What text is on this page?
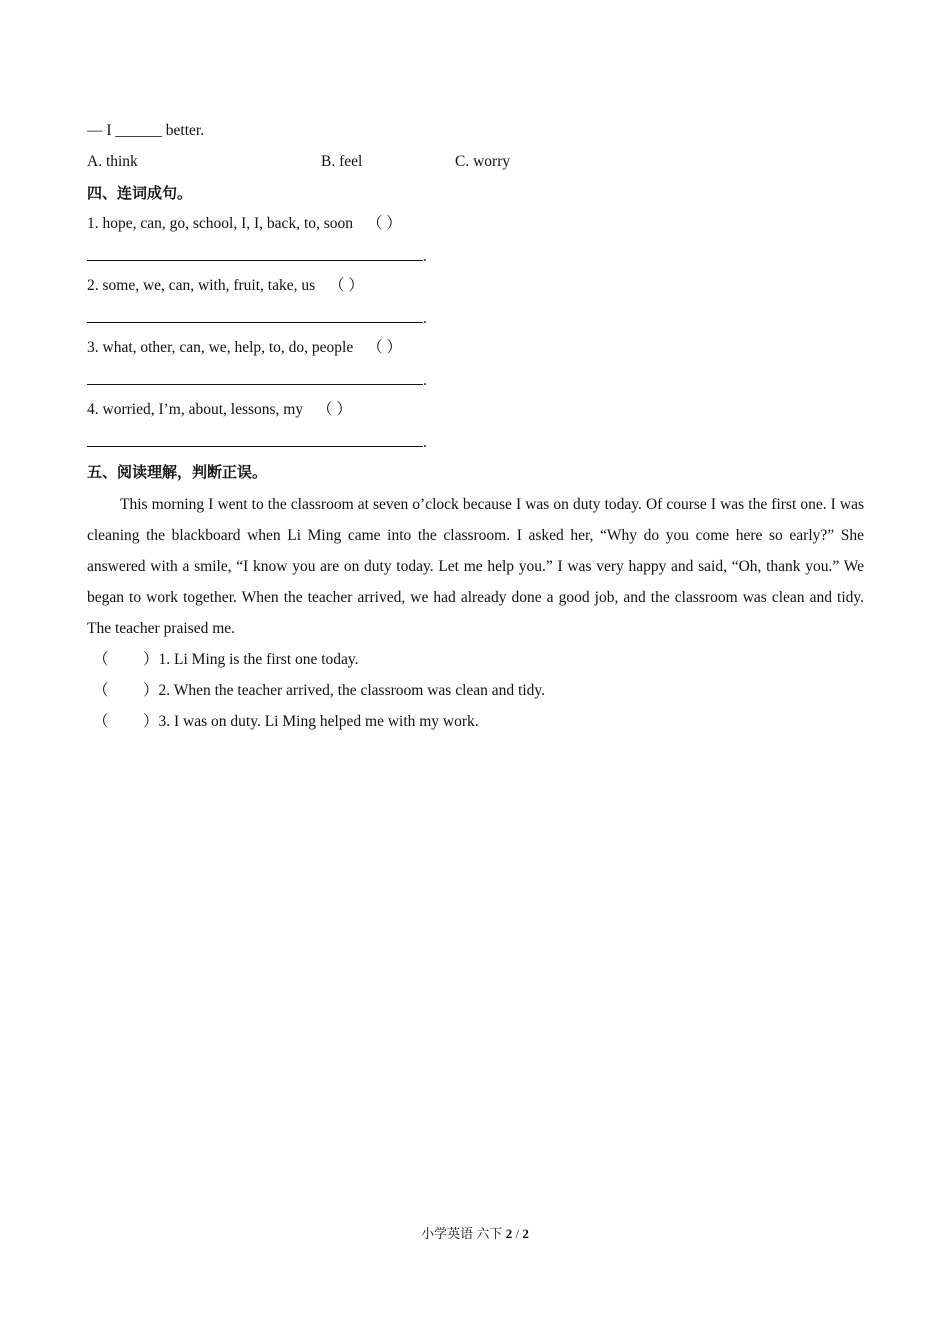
— I ______ better.
A. think	B. feel	C. worry
四、连词成句。
1. hope, can, go, school, I, I, back, to, soon （ ）
.
2. some, we, can, with, fruit, take, us （ ）
.
3. what, other, can, we, help, to, do, people （ ）
.
4. worried, I’m, about, lessons, my （ ）
.
五、阅读理解，判断正误。
This morning I went to the classroom at seven o’clock because I was on duty today. Of course I was the first one. I was cleaning the blackboard when Li Ming came into the classroom. I asked her, “Why do you come here so early?” She answered with a smile, “I know you are on duty today. Let me help you.” I was very happy and said, “Oh, thank you.” We began to work together. When the teacher arrived, we had already done a good job, and the classroom was clean and tidy. The teacher praised me.
（ ）1. Li Ming is the first one today.
（ ）2. When the teacher arrived, the classroom was clean and tidy.
（ ）3. I was on duty. Li Ming helped me with my work.
小学英语 六下 2 / 2
